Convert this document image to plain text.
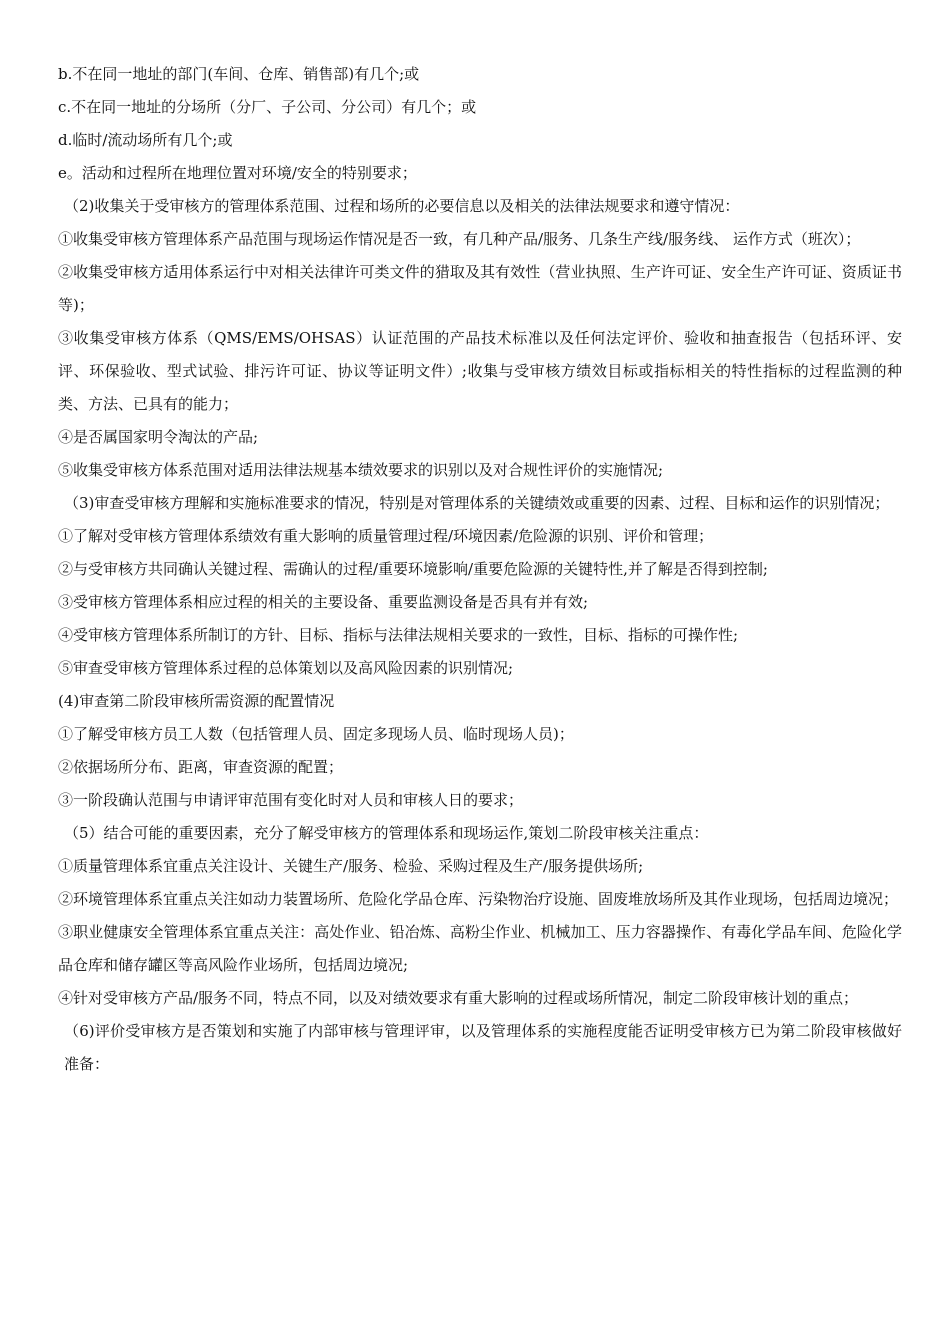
b.不在同一地址的部门(车间、仓库、销售部)有几个;或

c.不在同一地址的分场所（分厂、子公司、分公司）有几个；或

d.临时/流动场所有几个;或

e。活动和过程所在地理位置对环境/安全的特别要求；

（2)收集关于受审核方的管理体系范围、过程和场所的必要信息以及相关的法律法规要求和遵守情况：

①收集受审核方管理体系产品范围与现场运作情况是否一致，有几种产品/服务、几条生产线/服务线、 运作方式（班次）；

②收集受审核方适用体系运行中对相关法律许可类文件的猎取及其有效性（营业执照、生产许可证、安全生产许可证、资质证书等)；

③收集受审核方体系（QMS/EMS/OHSAS）认证范围的产品技术标准以及任何法定评价、验收和抽查报告（包括环评、安评、环保验收、型式试验、排污许可证、协议等证明文件）;收集与受审核方绩效目标或指标相关的特性指标的过程监测的种类、方法、已具有的能力；

④是否属国家明令淘汰的产品;

⑤收集受审核方体系范围对适用法律法规基本绩效要求的识别以及对合规性评价的实施情况;

（3)审查受审核方理解和实施标准要求的情况，特别是对管理体系的关键绩效或重要的因素、过程、目标和运作的识别情况；

①了解对受审核方管理体系绩效有重大影响的质量管理过程/环境因素/危险源的识别、评价和管理；

②与受审核方共同确认关键过程、需确认的过程/重要环境影响/重要危险源的关键特性,并了解是否得到控制;

③受审核方管理体系相应过程的相关的主要设备、重要监测设备是否具有并有效;

④受审核方管理体系所制订的方针、目标、指标与法律法规相关要求的一致性，目标、指标的可操作性;

⑤审查受审核方管理体系过程的总体策划以及高风险因素的识别情况;

(4)审查第二阶段审核所需资源的配置情况

①了解受审核方员工人数（包括管理人员、固定多现场人员、临时现场人员)；

②依据场所分布、距离，审查资源的配置；

③一阶段确认范围与申请评审范围有变化时对人员和审核人日的要求；

（5）结合可能的重要因素，充分了解受审核方的管理体系和现场运作,策划二阶段审核关注重点：

①质量管理体系宜重点关注设计、关键生产/服务、检验、采购过程及生产/服务提供场所;

②环境管理体系宜重点关注如动力装置场所、危险化学品仓库、污染物治疗设施、固废堆放场所及其作业现场，包括周边境况；

③职业健康安全管理体系宜重点关注：高处作业、铅冶炼、高粉尘作业、机械加工、压力容器操作、有毒化学品车间、危险化学品仓库和储存罐区等高风险作业场所，包括周边境况;

④针对受审核方产品/服务不同，特点不同，以及对绩效要求有重大影响的过程或场所情况，制定二阶段审核计划的重点；

（6)评价受审核方是否策划和实施了内部审核与管理评审，以及管理体系的实施程度能否证明受审核方已为第二阶段审核做好准备：
